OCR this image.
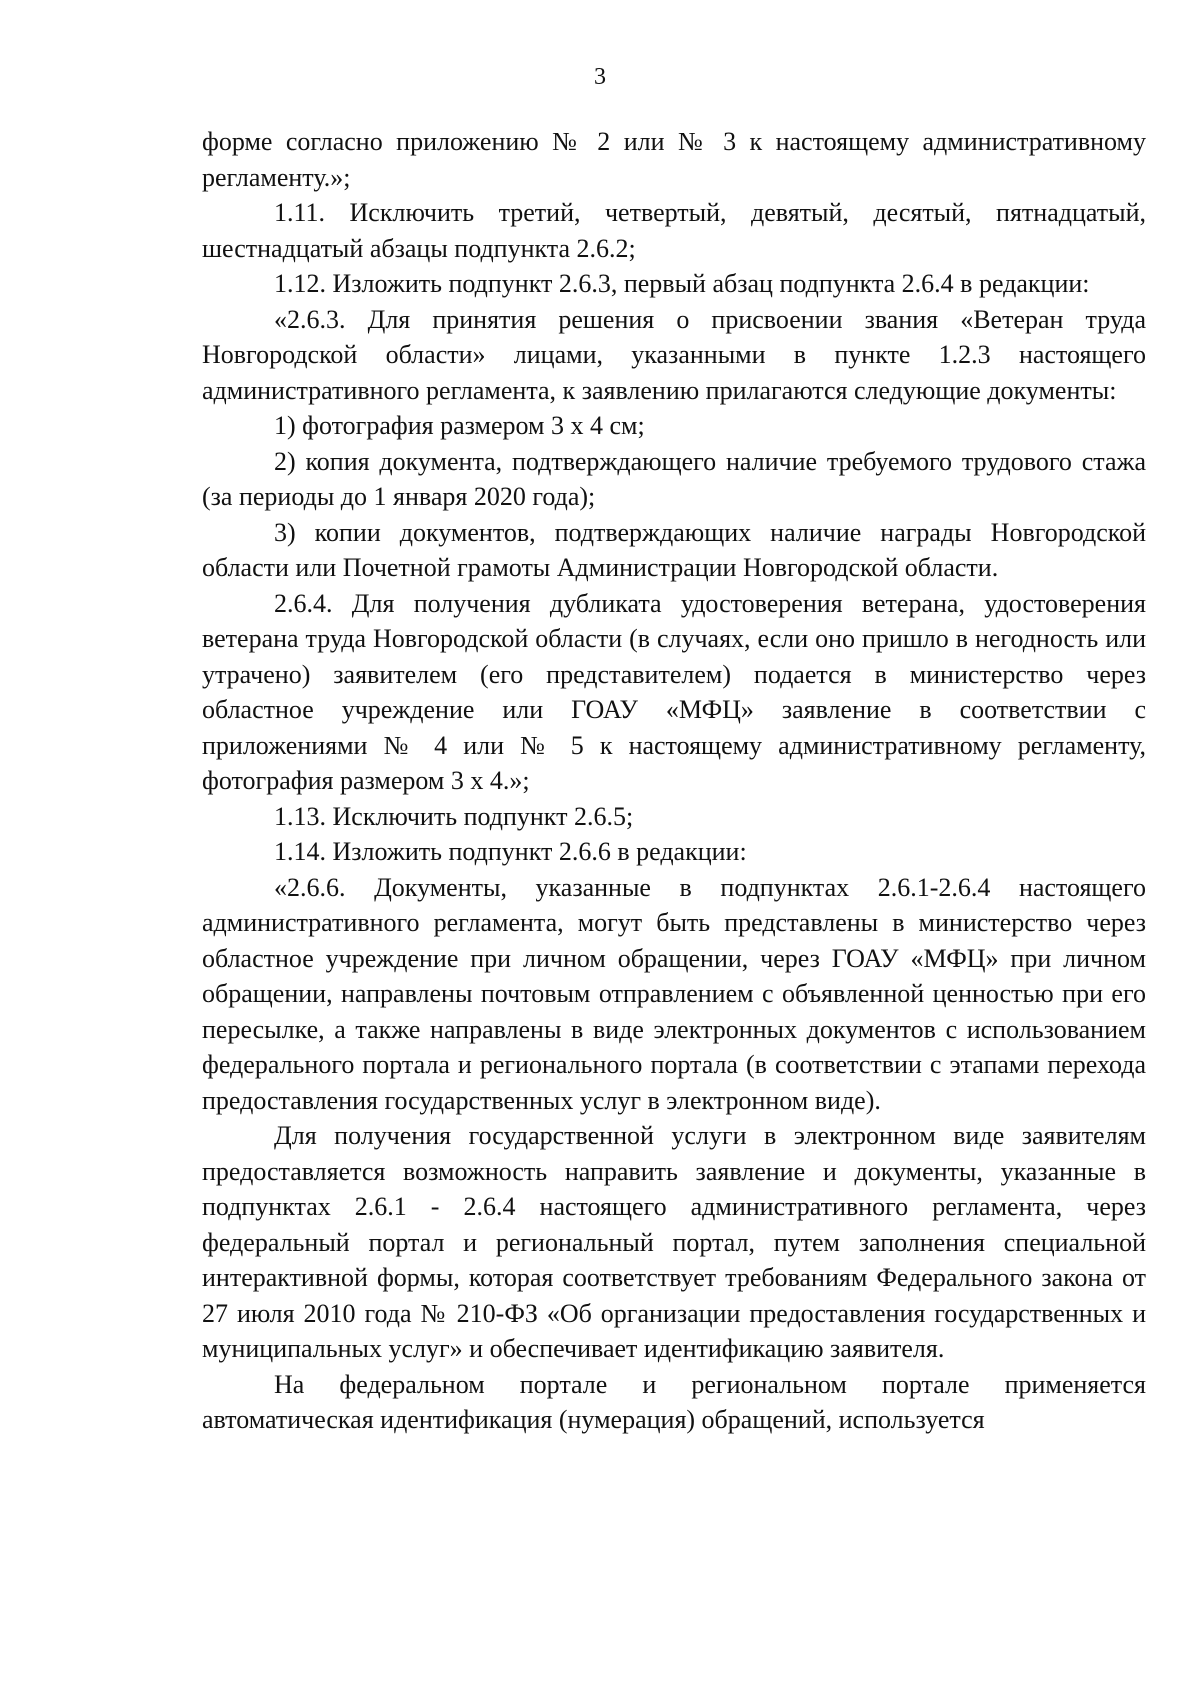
3

форме согласно приложению № 2 или № 3 к настоящему административному регламенту.»;

1.11. Исключить третий, четвертый, девятый, десятый, пятнадцатый, шестнадцатый абзацы подпункта 2.6.2;

1.12. Изложить подпункт 2.6.3, первый абзац подпункта 2.6.4 в редакции:

«2.6.3. Для принятия решения о присвоении звания «Ветеран труда Новгородской области» лицами, указанными в пункте 1.2.3 настоящего административного регламента, к заявлению прилагаются следующие документы:

1) фотография размером 3 х 4 см;

2) копия документа, подтверждающего наличие требуемого трудового стажа (за периоды до 1 января 2020 года);

3) копии документов, подтверждающих наличие награды Новгородской области или Почетной грамоты Администрации Новгородской области.

2.6.4. Для получения дубликата удостоверения ветерана, удостоверения ветерана труда Новгородской области (в случаях, если оно пришло в негодность или утрачено) заявителем (его представителем) подается в министерство через областное учреждение или ГОАУ «МФЦ» заявление в соответствии с приложениями № 4 или № 5 к настоящему административному регламенту, фотография размером 3 х 4.»;

1.13. Исключить подпункт 2.6.5;

1.14. Изложить подпункт 2.6.6 в редакции:

«2.6.6. Документы, указанные в подпунктах 2.6.1-2.6.4 настоящего административного регламента, могут быть представлены в министерство через областное учреждение при личном обращении, через ГОАУ «МФЦ» при личном обращении, направлены почтовым отправлением с объявленной ценностью при его пересылке, а также направлены в виде электронных документов с использованием федерального портала и регионального портала (в соответствии с этапами перехода предоставления государственных услуг в электронном виде).

Для получения государственной услуги в электронном виде заявителям предоставляется возможность направить заявление и документы, указанные в подпунктах 2.6.1 - 2.6.4 настоящего административного регламента, через федеральный портал и региональный портал, путем заполнения специальной интерактивной формы, которая соответствует требованиям Федерального закона от 27 июля 2010 года № 210-ФЗ «Об организации предоставления государственных и муниципальных услуг» и обеспечивает идентификацию заявителя.

На федеральном портале и региональном портале применяется автоматическая идентификация (нумерация) обращений, используется
